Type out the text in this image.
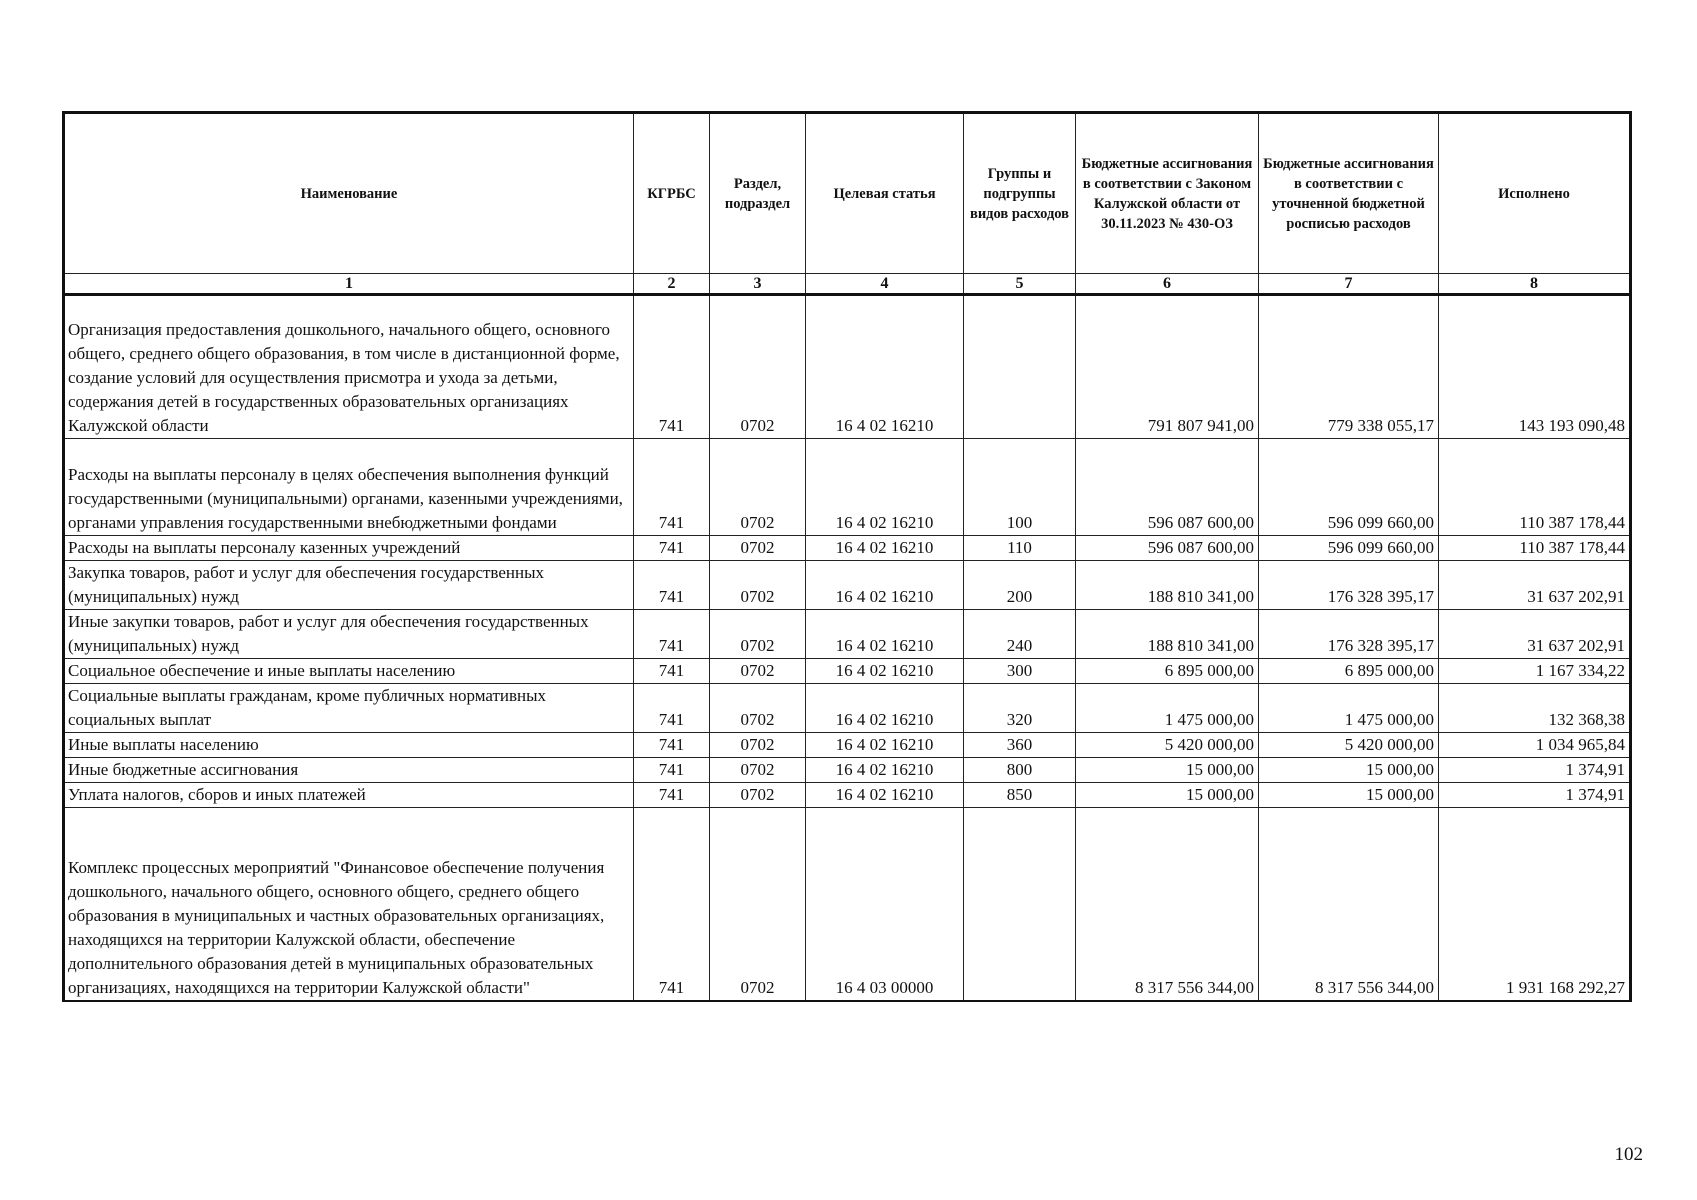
Наименование	КГРБС	Раздел, подраздел	Целевая статья	Группы и подгруппы видов расходов	Бюджетные ассигнования в соответствии с Законом Калужской области от 30.11.2023 № 430-ОЗ	Бюджетные ассигнования в соответствии с уточненной бюджетной росписью расходов	Исполнено
1	2	3	4	5	6	7	8
Организация предоставления дошкольного, начального общего, основного общего, среднего общего образования, в том числе в дистанционной форме, создание условий для осуществления присмотра и ухода за детьми, содержания детей в государственных образовательных организациях Калужской области	741	0702	16 4 02 16210		791 807 941,00	779 338 055,17	143 193 090,48
Расходы на выплаты персоналу в целях обеспечения выполнения функций государственными (муниципальными) органами, казенными учреждениями, органами управления государственными внебюджетными фондами	741	0702	16 4 02 16210	100	596 087 600,00	596 099 660,00	110 387 178,44
Расходы на выплаты персоналу казенных учреждений	741	0702	16 4 02 16210	110	596 087 600,00	596 099 660,00	110 387 178,44
Закупка товаров, работ и услуг для обеспечения государственных (муниципальных) нужд	741	0702	16 4 02 16210	200	188 810 341,00	176 328 395,17	31 637 202,91
Иные закупки товаров, работ и услуг для обеспечения государственных (муниципальных) нужд	741	0702	16 4 02 16210	240	188 810 341,00	176 328 395,17	31 637 202,91
Социальное обеспечение и иные выплаты населению	741	0702	16 4 02 16210	300	6 895 000,00	6 895 000,00	1 167 334,22
Социальные выплаты гражданам, кроме публичных нормативных социальных выплат	741	0702	16 4 02 16210	320	1 475 000,00	1 475 000,00	132 368,38
Иные выплаты населению	741	0702	16 4 02 16210	360	5 420 000,00	5 420 000,00	1 034 965,84
Иные бюджетные ассигнования	741	0702	16 4 02 16210	800	15 000,00	15 000,00	1 374,91
Уплата налогов, сборов и иных платежей	741	0702	16 4 02 16210	850	15 000,00	15 000,00	1 374,91
Комплекс процессных мероприятий "Финансовое обеспечение получения дошкольного, начального общего, основного общего, среднего общего образования в муниципальных и частных образовательных организациях, находящихся на территории Калужской области, обеспечение дополнительного образования детей в муниципальных образовательных организациях, находящихся на территории Калужской области"	741	0702	16 4 03 00000		8 317 556 344,00	8 317 556 344,00	1 931 168 292,27
102
